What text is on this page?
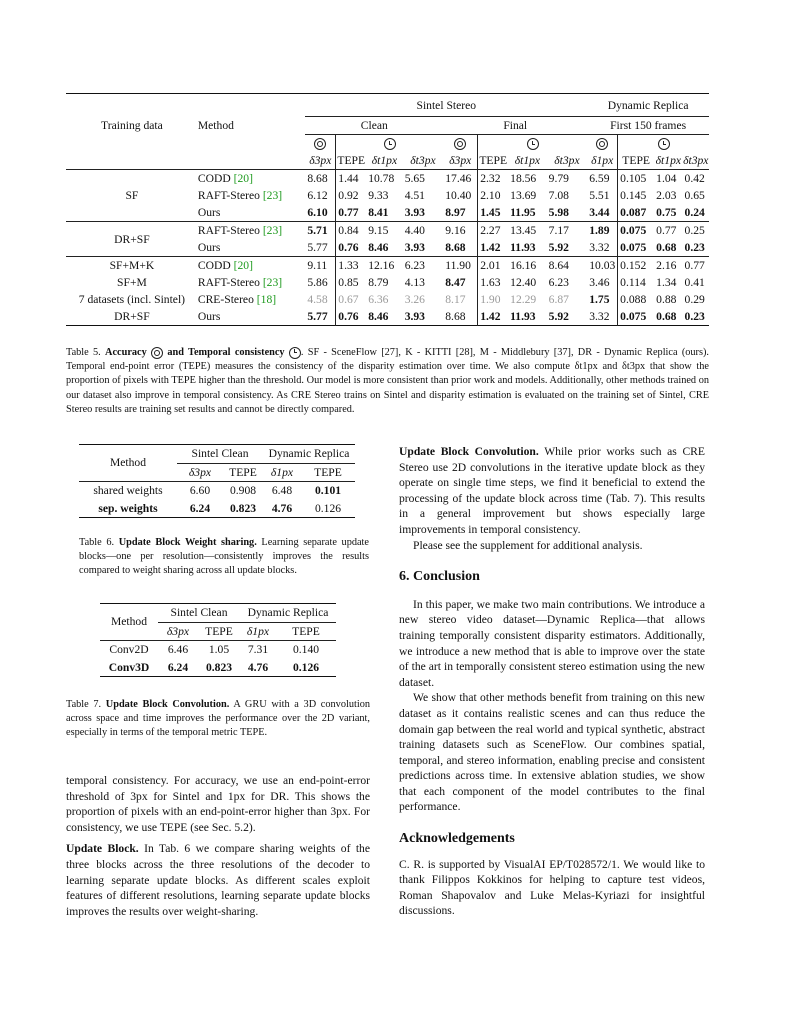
		Sintel Stereo								Dynamic Replica			
Training data	Method	Clean				Final				First 150 frames			

		δ3px	TEPE	δt1px	δt3px	δ3px	TEPE	δt1px	δt3px	δ1px	TEPE	δt1px	δt3px
SF	CODD [20]	8.68	1.44	10.78	5.65	17.46	2.32	18.56	9.79	6.59	0.105	1.04	0.42
	RAFT-Stereo [23]	6.12	0.92	9.33	4.51	10.40	2.10	13.69	7.08	5.51	0.145	2.03	0.65
	Ours	6.10	0.77	8.41	3.93	8.97	1.45	11.95	5.98	3.44	0.087	0.75	0.24
DR+SF	RAFT-Stereo [23]	5.71	0.84	9.15	4.40	9.16	2.27	13.45	7.17	1.89	0.075	0.77	0.25
	Ours	5.77	0.76	8.46	3.93	8.68	1.42	11.93	5.92	3.32	0.075	0.68	0.23
SF+M+K	CODD [20]	9.11	1.33	12.16	6.23	11.90	2.01	16.16	8.64	10.03	0.152	2.16	0.77
SF+M	RAFT-Stereo [23]	5.86	0.85	8.79	4.13	8.47	1.63	12.40	6.23	3.46	0.114	1.34	0.41
7 datasets (incl. Sintel)	CRE-Stereo [18]	4.58	0.67	6.36	3.26	8.17	1.90	12.29	6.87	1.75	0.088	0.88	0.29
DR+SF	Ours	5.77	0.76	8.46	3.93	8.68	1.42	11.93	5.92	3.32	0.075	0.68	0.23
Table 5. Accuracy and Temporal consistency . SF - SceneFlow [27], K - KITTI [28], M - Middlebury [37], DR - Dynamic Replica (ours). Temporal end-point error (TEPE) measures the consistency of the disparity estimation over time. We also compute δt1px and δt3px that show the proportion of pixels with TEPE higher than the threshold. Our model is more consistent than prior work and models. Additionally, other methods trained on our dataset also improve in temporal consistency. As CRE Stereo trains on Sintel and disparity estimation is evaluated on the training set of Sintel, CRE Stereo results are training set results and cannot be directly compared.
Method	Sintel Clean		Dynamic Replica	
	δ3px	TEPE	δ1px	TEPE
shared weights	6.60	0.908	6.48	0.101
sep. weights	6.24	0.823	4.76	0.126
Table 6. Update Block Weight sharing. Learning separate update blocks—one per resolution—consistently improves the results compared to weight sharing across all update blocks.
Method	Sintel Clean		Dynamic Replica	
	δ3px	TEPE	δ1px	TEPE
Conv2D	6.46	1.05	7.31	0.140
Conv3D	6.24	0.823	4.76	0.126
Table 7. Update Block Convolution. A GRU with a 3D convolution across space and time improves the performance over the 2D variant, especially in terms of the temporal metric TEPE.
temporal consistency. For accuracy, we use an end-point-error threshold of 3px for Sintel and 1px for DR. This shows the proportion of pixels with an end-point-error higher than 3px. For consistency, we use TEPE (see Sec. 5.2).
Update Block. In Tab. 6 we compare sharing weights of the three blocks across the three resolutions of the decoder to learning separate update blocks. As different scales exploit features of different resolutions, learning separate update blocks improves the results over weight-sharing.
Update Block Convolution. While prior works such as CRE Stereo use 2D convolutions in the iterative update block as they operate on single time steps, we find it beneficial to extend the processing of the update block across time (Tab. 7). This results in a general improvement but shows especially large improvements in temporal consistency.
Please see the supplement for additional analysis.
6. Conclusion
In this paper, we make two main contributions. We introduce a new stereo video dataset—Dynamic Replica—that allows training temporally consistent disparity estimators. Additionally, we introduce a new method that is able to improve over the state of the art in temporally consistent stereo estimation using the new dataset.
We show that other methods benefit from training on this new dataset as it contains realistic scenes and can thus reduce the domain gap between the real world and typical synthetic, abstract training datasets such as SceneFlow. Our combines spatial, temporal, and stereo information, enabling precise and consistent predictions across time. In extensive ablation studies, we show that each component of the model contributes to the final performance.
Acknowledgements
C. R. is supported by VisualAI EP/T028572/1. We would like to thank Filippos Kokkinos for helping to capture test videos, Roman Shapovalov and Luke Melas-Kyriazi for insightful discussions.
